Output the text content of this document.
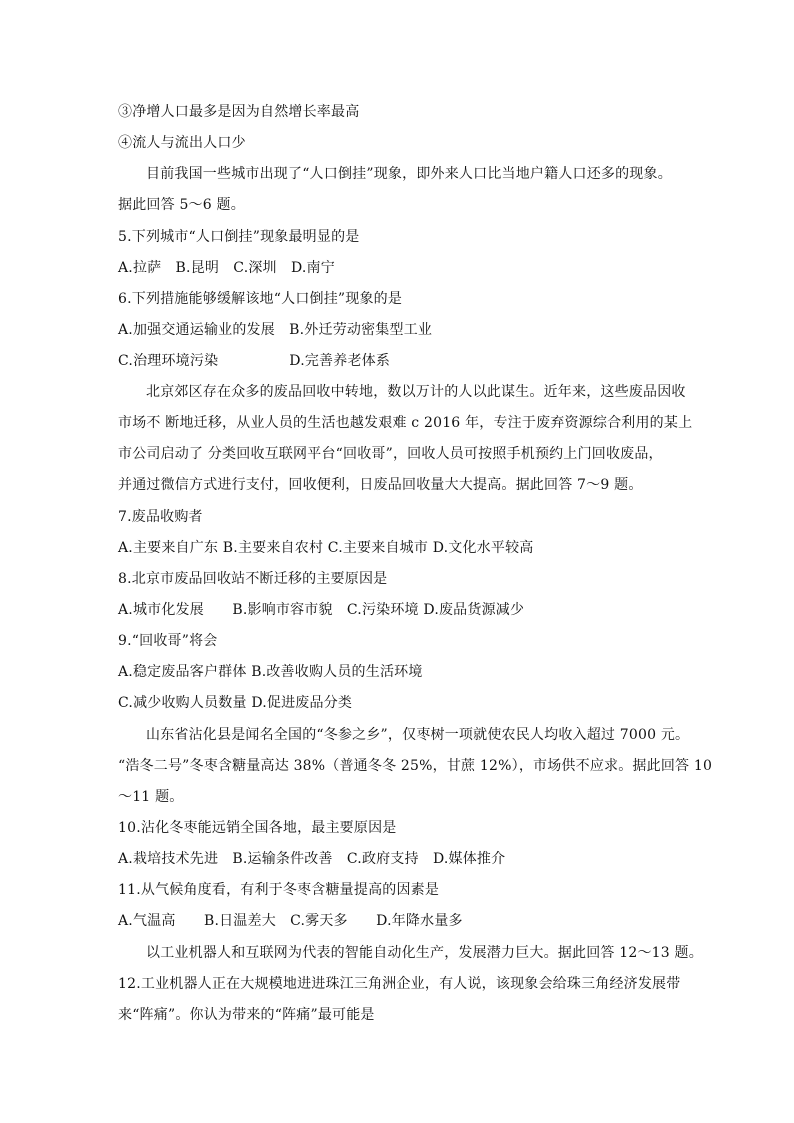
③净增人口最多是因为自然增长率最高
④流人与流出人口少
目前我国一些城市出现了“人口倒挂”现象，即外来人口比当地户籍人口还多的现象。
据此回答 5～6 题。
5.下列城市“人口倒挂”现象最明显的是
A.拉萨　B.昆明　C.深圳　D.南宁
6.下列措施能够缓解该地“人口倒挂”现象的是
A.加强交通运输业的发展　B.外迁劳动密集型工业
C.治理环境污染　　　　　D.完善养老体系
北京郊区存在众多的废品回收中转地，数以万计的人以此谋生。近年来，这些废品因收
市场不 断地迁移，从业人员的生活也越发艰难 c 2016 年，专注于废弃资源综合利用的某上
市公司启动了 分类回收互联网平台“回收哥”，回收人员可按照手机预约上门回收废品，
并通过微信方式进行支付，回收便利，日废品回收量大大提高。据此回答 7～9 题。
7.废品收购者
A.主要来自广东 B.主要来自农村 C.主要来自城市 D.文化水平较高
8.北京市废品回收站不断迁移的主要原因是
A.城市化发展　　B.影响市容市貌　C.污染环境 D.废品货源减少
9.“回收哥”将会
A.稳定废品客户群体 B.改善收购人员的生活环境
C.减少收购人员数量 D.促进废品分类
山东省沾化县是闻名全国的“冬参之乡”，仅枣树一项就使农民人均收入超过 7000 元。
“浩冬二号”冬枣含糖量高达 38%（普通冬冬 25%，甘蔗 12%），市场供不应求。据此回答 10
～11 题。
10.沾化冬枣能远销全国各地，最主要原因是
A.栽培技术先进　B.运输条件改善　C.政府支持　D.媒体推介
11.从气候角度看，有利于冬枣含糖量提高的因素是
A.气温高　　B.日温差大　C.雾天多　　D.年降水量多
以工业机器人和互联网为代表的智能自动化生产，发展潜力巨大。据此回答 12～13 题。
12.工业机器人正在大规模地进进珠江三角洲企业，有人说，该现象会给珠三角经济发展带
来“阵痛”。你认为带来的“阵痛”最可能是
